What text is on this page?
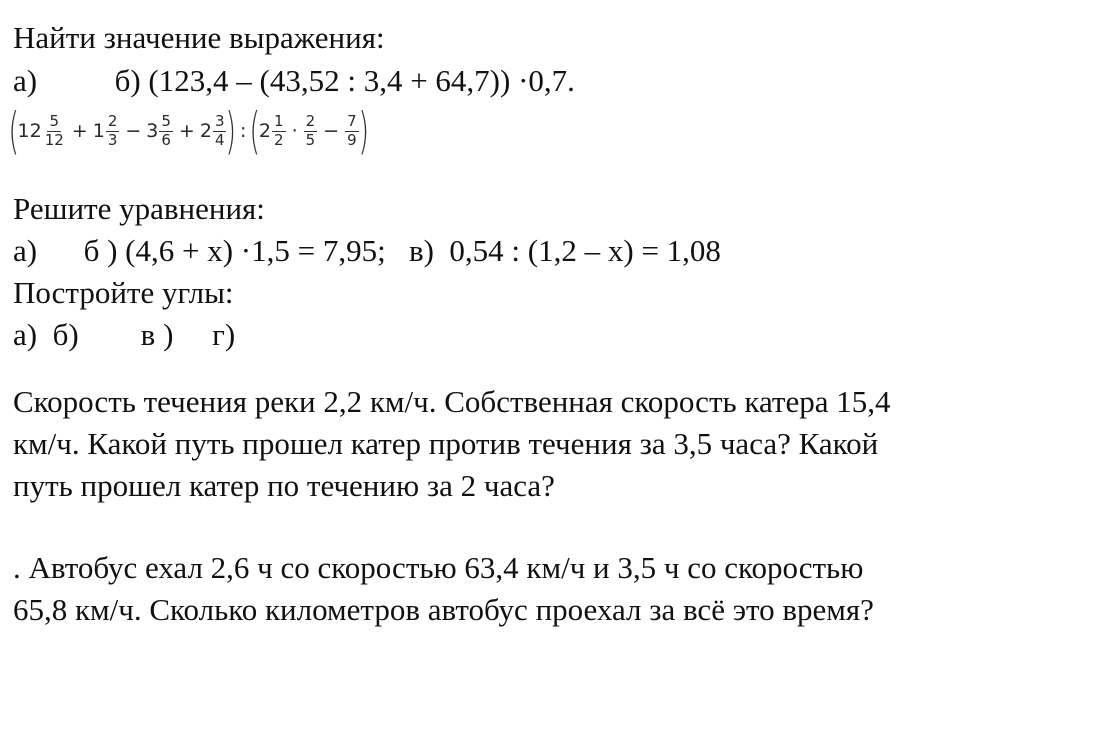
Найти значение выражения:
а)          б) (123,4 – (43,52 : 3,4 + 64,7)) ·0,7.
(
$12 \frac{5}{12} + 1 \frac{2}{3} - 3 \frac{5}{6} + 2 \frac{3}{4}$ ) : (
$2 \frac{1}{2} \cdot \frac{2}{5} - \frac{7}{9}$ )
Решите уравнения:
а)      б ) (4,6 + х) ·1,5 = 7,95;   в)  0,54 : (1,2 – х) = 1,08
Постройте углы:
а)  б)        в )     г)
Скорость течения реки 2,2 км/ч. Собственная скорость катера 15,4
км/ч. Какой путь прошел катер против течения за 3,5 часа? Какой
путь прошел катер по течению за 2 часа?
. Автобус ехал 2,6 ч со скоростью 63,4 км/ч и 3,5 ч со скоростью
65,8 км/ч. Сколько километров автобус проехал за всё это время?
